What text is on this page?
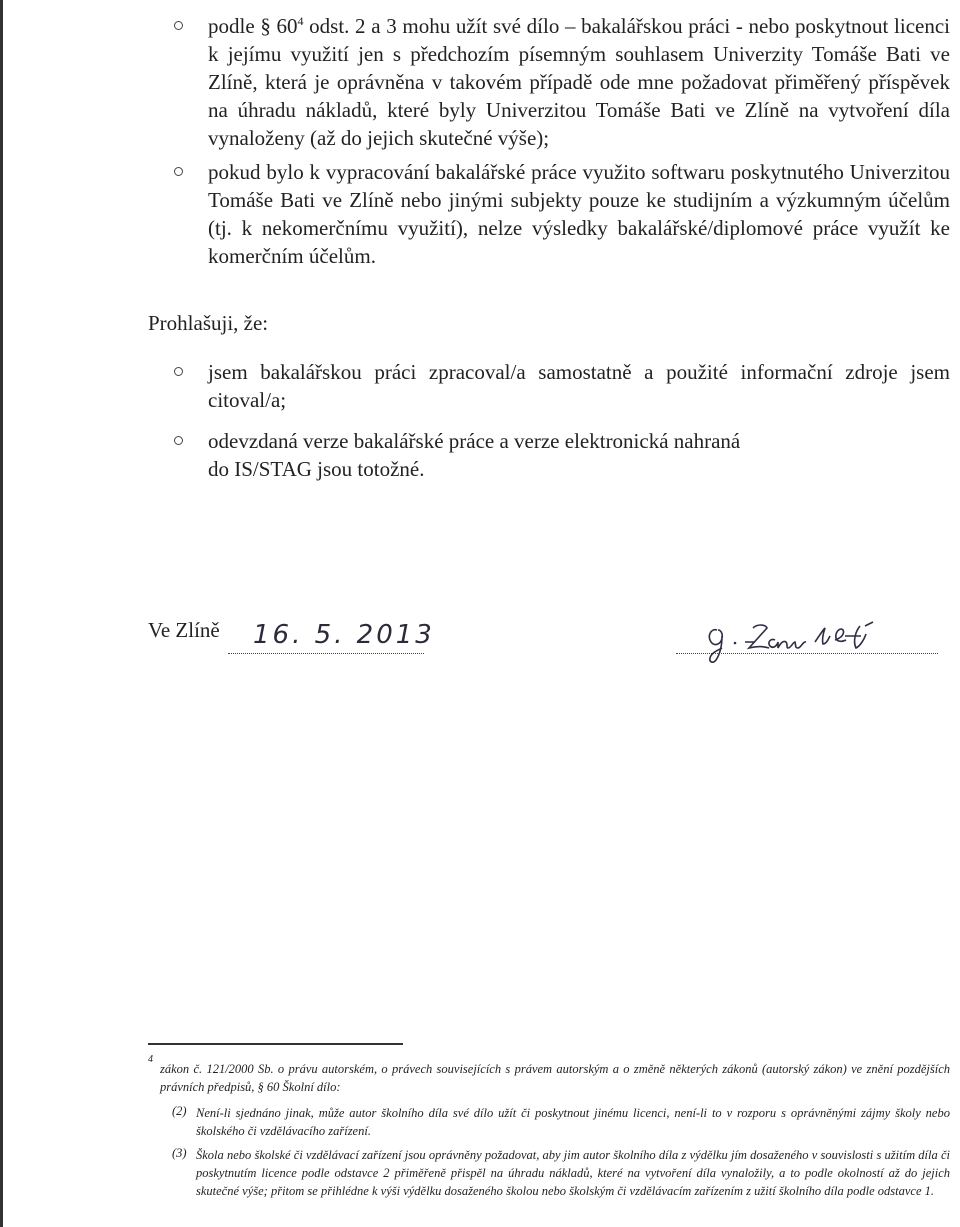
podle § $60^4$ odst. 2 a 3 mohu užít své dílo – bakalářskou práci - nebo poskytnout licenci k jejímu využití jen s předchozím písemným souhlasem Univerzity Tomáše Bati ve Zlíně, která je oprávněna v takovém případě ode mne požadovat přiměřený příspěvek na úhradu nákladů, které byly Univerzitou Tomáše Bati ve Zlíně na vytvoření díla vynaloženy (až do jejich skutečné výše);
pokud bylo k vypracování bakalářské práce využito softwaru poskytnutého Univerzitou Tomáše Bati ve Zlíně nebo jinými subjekty pouze ke studijním a výzkumným účelům (tj. k nekomerčnímu využití), nelze výsledky bakalářské/diplomové práce využít ke komerčním účelům.
Prohlašuji, že:
jsem bakalářskou práci zpracoval/a samostatně a použité informační zdroje jsem citoval/a;
odevzdaná verze bakalářské práce a verze elektronická nahraná
do IS/STAG jsou totožné.
Ve Zlíně 16. 5. 2013
4
zákon č. 121/2000 Sb. o právu autorském, o právech souvisejících s právem autorským a o změně některých zákonů (autorský zákon) ve znění pozdějších právních předpisů, § 60 Školní dílo:
(2) Není-li sjednáno jinak, může autor školního díla své dílo užít či poskytnout jinému licenci, není-li to v rozporu s oprávněnými zájmy školy nebo školského či vzdělávacího zařízení.
(3) Škola nebo školské či vzdělávací zařízení jsou oprávněny požadovat, aby jim autor školního díla z výdělku jím dosaženého v souvislosti s užitím díla či poskytnutím licence podle odstavce 2 přiměřeně přispěl na úhradu nákladů, které na vytvoření díla vynaložily, a to podle okolností až do jejich skutečné výše; přitom se přihlédne k výši výdělku dosaženého školou nebo školským či vzdělávacím zařízením z užití školního díla podle odstavce 1.
